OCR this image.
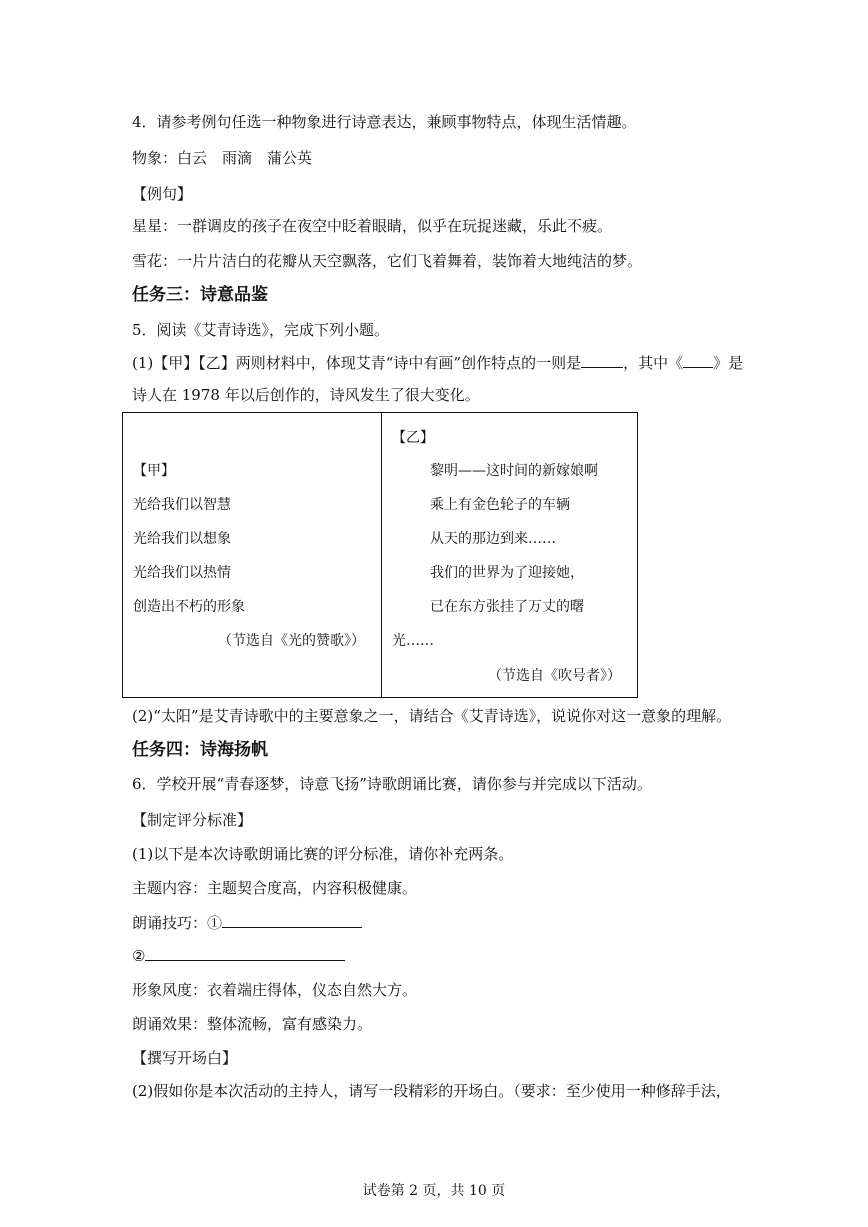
4．请参考例句任选一种物象进行诗意表达，兼顾事物特点，体现生活情趣。
物象：白云　雨滴　蒲公英
【例句】
星星：一群调皮的孩子在夜空中眨着眼睛，似乎在玩捉迷藏，乐此不疲。
雪花：一片片洁白的花瓣从天空飘落，它们飞着舞着，装饰着大地纯洁的梦。
任务三：诗意品鉴
5．阅读《艾青诗选》，完成下列小题。
(1)【甲】【乙】两则材料中，体现艾青“诗中有画”创作特点的一则是	，其中《 》是
诗人在 1978 年以后创作的，诗风发生了很大变化。
【甲】
光给我们以智慧
光给我们以想象
光给我们以热情
创造出不朽的形象
（节选自《光的赞歌》）

【乙】
黎明——这时间的新嫁娘啊
乘上有金色轮子的车辆
从天的那边到来……
我们的世界为了迎接她，
已在东方张挂了万丈的曙
光……
（节选自《吹号者》）
(2)“太阳”是艾青诗歌中的主要意象之一，请结合《艾青诗选》，说说你对这一意象的理解。
任务四：诗海扬帆
6．学校开展“青春逐梦，诗意飞扬”诗歌朗诵比赛，请你参与并完成以下活动。
【制定评分标准】
(1)以下是本次诗歌朗诵比赛的评分标准，请你补充两条。
主题内容：主题契合度高，内容积极健康。
朗诵技巧：①
②
形象风度：衣着端庄得体，仪态自然大方。
朗诵效果：整体流畅，富有感染力。
【撰写开场白】
(2)假如你是本次活动的主持人，请写一段精彩的开场白。（要求：至少使用一种修辞手法，
试卷第 2 页，共 10 页
